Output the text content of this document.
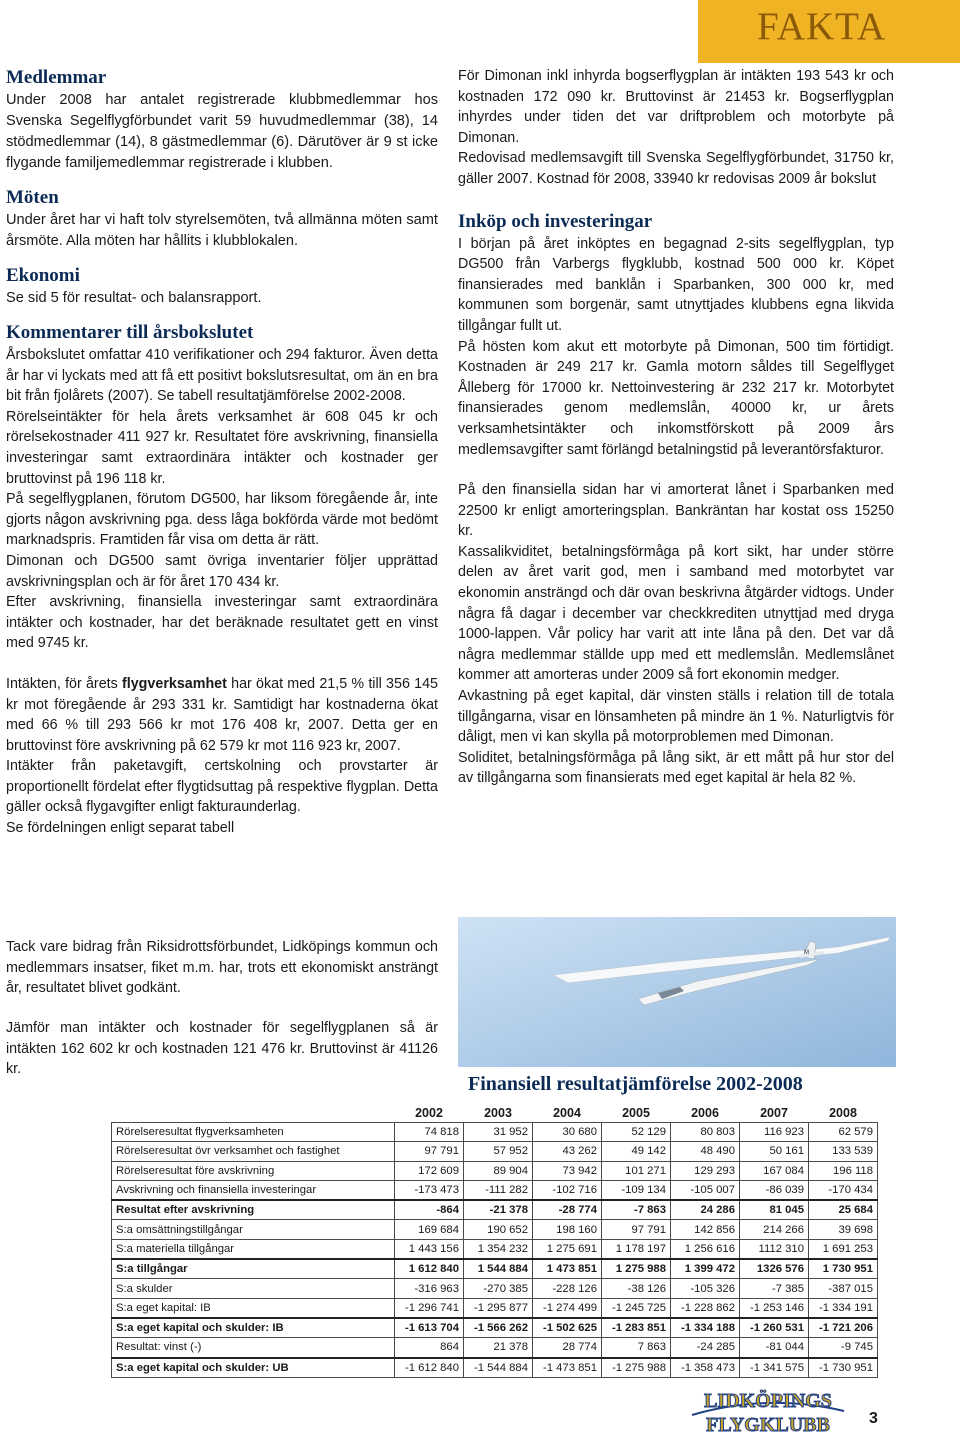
FAKTA
Medlemmar

Under 2008 har antalet registrerade klubbmedlemmar hos Svenska Segelflygförbundet varit 59 huvudmedlemmar (38), 14 stödmedlemmar (14), 8 gästmedlemmar (6). Därutöver är 9 st icke flygande familjemedlemmar registrerade i klubben.

Möten

Under året har vi haft tolv styrelsemöten, två allmänna möten samt årsmöte. Alla möten har hållits i klubblokalen.

Ekonomi

Se sid 5 för resultat- och balansrapport.

Kommentarer till årsbokslutet

Årsbokslutet omfattar 410 verifikationer och 294 fakturor. Även detta år har vi lyckats med att få ett positivt bokslutsresultat, om än en bra bit från fjolårets (2007). Se tabell resultatjämförelse 2002-2008.

Rörelseintäkter för hela årets verksamhet är 608 045 kr och rörelsekostnader 411 927 kr. Resultatet före avskrivning, finansiella investeringar samt extraordinära intäkter och kostnader ger bruttovinst på 196 118 kr.

På segelflygplanen, förutom DG500, har liksom föregående år, inte gjorts någon avskrivning pga. dess låga bokförda värde mot bedömt marknadspris. Framtiden får visa om detta är rätt.

Dimonan och DG500 samt övriga inventarier följer upprättad avskrivningsplan och är för året 170 434 kr.

Efter avskrivning, finansiella investeringar samt extraordinära intäkter och kostnader, har det beräknade resultatet gett en vinst med 9745 kr.

Intäkten, för årets flygverksamhet har ökat med 21,5 % till 356 145 kr mot föregående år 293 331 kr. Samtidigt har kostnaderna ökat med 66 % till 293 566 kr mot 176 408 kr, 2007. Detta ger en bruttovinst före avskrivning på 62 579 kr mot 116 923 kr, 2007.

Intäkter från paketavgift, certskolning och provstarter är proportionellt fördelat efter flygtidsuttag på respektive flygplan. Detta gäller också flygavgifter enligt fakturaunderlag.

Se fördelningen enligt separat tabell

Tack vare bidrag från Riksidrottsförbundet, Lidköpings kommun och medlemmars insatser, fiket m.m. har, trots ett ekonomiskt ansträngt år, resultatet blivet godkänt.

Jämför man intäkter och kostnader för segelflygplanen så är intäkten 162 602 kr och kostnaden 121 476 kr. Bruttovinst är 41126 kr.

För Dimonan inkl inhyrda bogserflygplan är intäkten 193 543 kr och kostnaden 172 090 kr. Bruttovinst är 21453 kr. Bogserflygplan inhyrdes under tiden det var driftproblem och motorbyte på Dimonan.

Redovisad medlemsavgift till Svenska Segelflygförbundet, 31750 kr, gäller 2007. Kostnad för 2008, 33940 kr redovisas 2009 år bokslut

Inköp och investeringar

I början på året inköptes en begagnad 2-sits segelflygplan, typ DG500 från Varbergs flygklubb, kostnad 500 000 kr. Köpet finansierades med banklån i Sparbanken, 300 000 kr, med kommunen som borgenär, samt utnyttjades klubbens egna likvida tillgångar fullt ut.

På hösten kom akut ett motorbyte på Dimonan, 500 tim förtidigt. Kostnaden är 249 217 kr. Gamla motorn såldes till Segelflyget Ålleberg för 17000 kr. Nettoinvestering är 232 217 kr. Motorbytet finansierades genom medlemslån, 40000 kr, ur årets verksamhetsintäkter och inkomstförskott på 2009 års medlemsavgifter samt förlängd betalningstid på leverantörsfakturor.

På den finansiella sidan har vi amorterat lånet i Sparbanken med 22500 kr enligt amorteringsplan. Bankräntan har kostat oss 15250 kr.

Kassalikviditet, betalningsförmåga på kort sikt, har under större delen av året varit god, men i samband med motorbytet var ekonomin ansträngd och där ovan beskrivna åtgärder vidtogs. Under några få dagar i december var checkkrediten utnyttjad med dryga 1000-lappen. Vår policy har varit att inte låna på den. Det var då några medlemmar ställde upp med ett medlemslån. Medlemslånet kommer att amorteras under 2009 så fort ekonomin medger.

Avkastning på eget kapital, där vinsten ställs i relation till de totala tillgångarna, visar en lönsamheten på mindre än 1 %. Naturligtvis för dåligt, men vi kan skylla på motorproblemen med Dimonan.

Soliditet, betalningsförmåga på lång sikt, är ett mått på hur stor del av tillgångarna som finansierats med eget kapital är hela 82 %.

M

Finansiell resultatjämförelse 2002-2008

	2002	2003	2004	2005	2006	2007	2008
Rörelseresultat flygverksamheten	74 818	31 952	30 680	52 129	80 803	116 923	62 579
Rörelseresultat övr verksamhet och fastighet	97 791	57 952	43 262	49 142	48 490	50 161	133 539
Rörelseresultat före avskrivning	172 609	89 904	73 942	101 271	129 293	167 084	196 118
Avskrivning och finansiella investeringar	-173 473	-111 282	-102 716	-109 134	-105 007	-86 039	-170 434
Resultat efter avskrivning	-864	-21 378	-28 774	-7 863	24 286	81 045	25 684
S:a omsättningstillgångar	169 684	190 652	198 160	97 791	142 856	214 266	39 698
S:a materiella tillgångar	1 443 156	1 354 232	1 275 691	1 178 197	1 256 616	1112 310	1 691 253
S:a tillgångar	1 612 840	1 544 884	1 473 851	1 275 988	1 399 472	1326 576	1 730 951
S:a skulder	-316 963	-270 385	-228 126	-38 126	-105 326	-7 385	-387 015
S:a eget kapital: IB	-1 296 741	-1 295 877	-1 274 499	-1 245 725	-1 228 862	-1 253 146	-1 334 191
S:a eget kapital och skulder: IB	-1 613 704	-1 566 262	-1 502 625	-1 283 851	-1 334 188	-1 260 531	-1 721 206
Resultat: vinst (-)	864	21 378	28 774	7 863	-24 285	-81 044	-9 745
S:a eget kapital och skulder: UB	-1 612 840	-1 544 884	-1 473 851	-1 275 988	-1 358 473	-1 341 575	-1 730 951
LIDKÖPINGS
FLYGKLUBB 3
